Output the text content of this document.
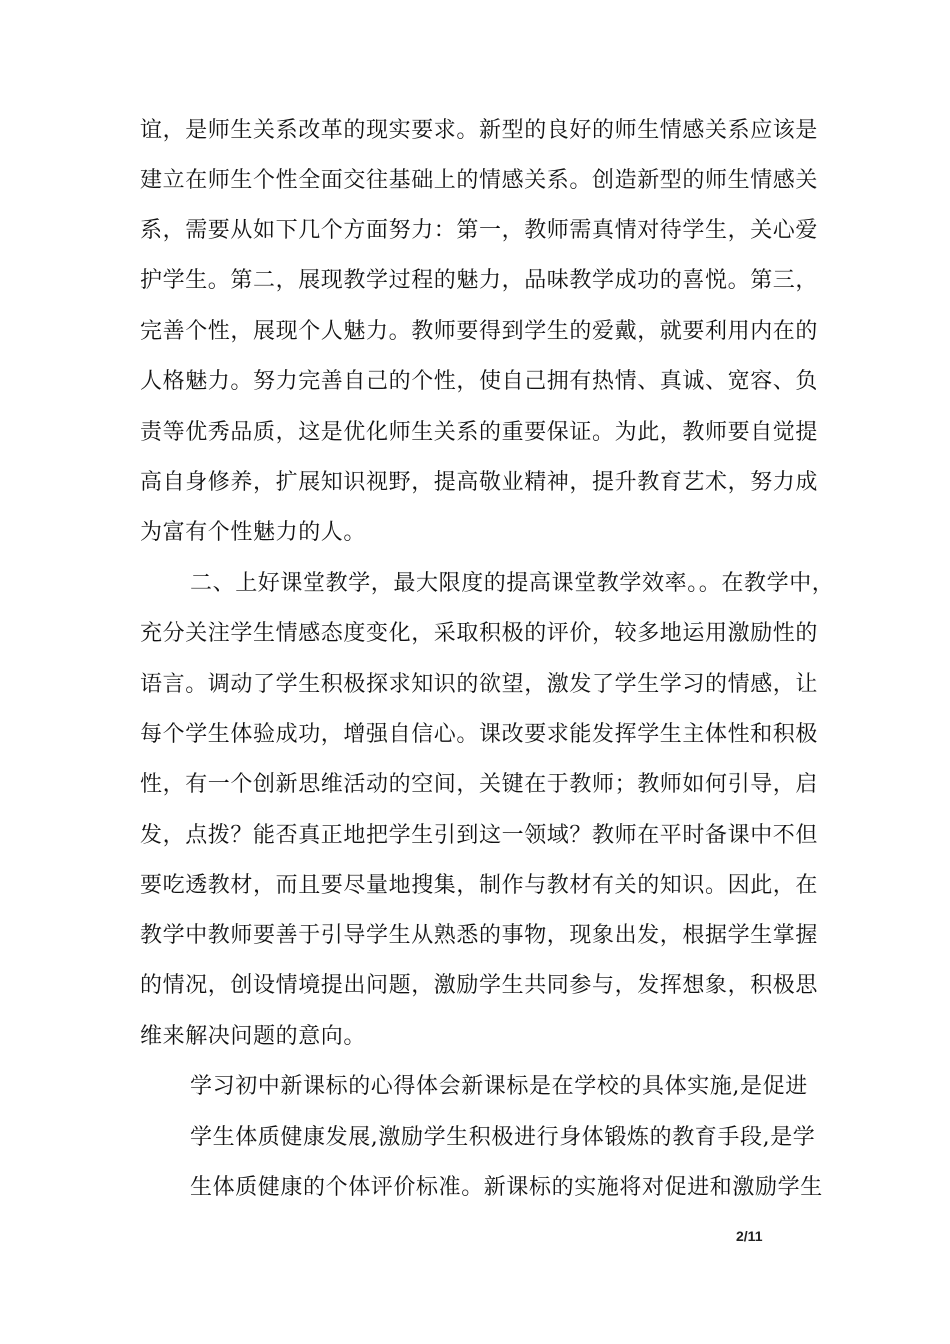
谊，是师生关系改革的现实要求。新型的良好的师生情感关系应该是
建立在师生个性全面交往基础上的情感关系。创造新型的师生情感关
系，需要从如下几个方面努力：第一，教师需真情对待学生，关心爱
护学生。第二，展现教学过程的魅力，品味教学成功的喜悦。第三，
完善个性，展现个人魅力。教师要得到学生的爱戴，就要利用内在的
人格魅力。努力完善自己的个性，使自己拥有热情、真诚、宽容、负
责等优秀品质，这是优化师生关系的重要保证。为此，教师要自觉提
高自身修养，扩展知识视野，提高敬业精神，提升教育艺术，努力成
为富有个性魅力的人。
二、上好课堂教学，最大限度的提高课堂教学效率。。在教学中，
充分关注学生情感态度变化，采取积极的评价，较多地运用激励性的
语言。调动了学生积极探求知识的欲望，激发了学生学习的情感，让
每个学生体验成功，增强自信心。课改要求能发挥学生主体性和积极
性，有一个创新思维活动的空间，关键在于教师；教师如何引导，启
发，点拨？能否真正地把学生引到这一领域？教师在平时备课中不但
要吃透教材，而且要尽量地搜集，制作与教材有关的知识。因此，在
教学中教师要善于引导学生从熟悉的事物，现象出发，根据学生掌握
的情况，创设情境提出问题，激励学生共同参与，发挥想象，积极思
维来解决问题的意向。
学习初中新课标的心得体会新课标是在学校的具体实施,是促进
学生体质健康发展,激励学生积极进行身体锻炼的教育手段,是学
生体质健康的个体评价标准。新课标的实施将对促进和激励学生
2/11
